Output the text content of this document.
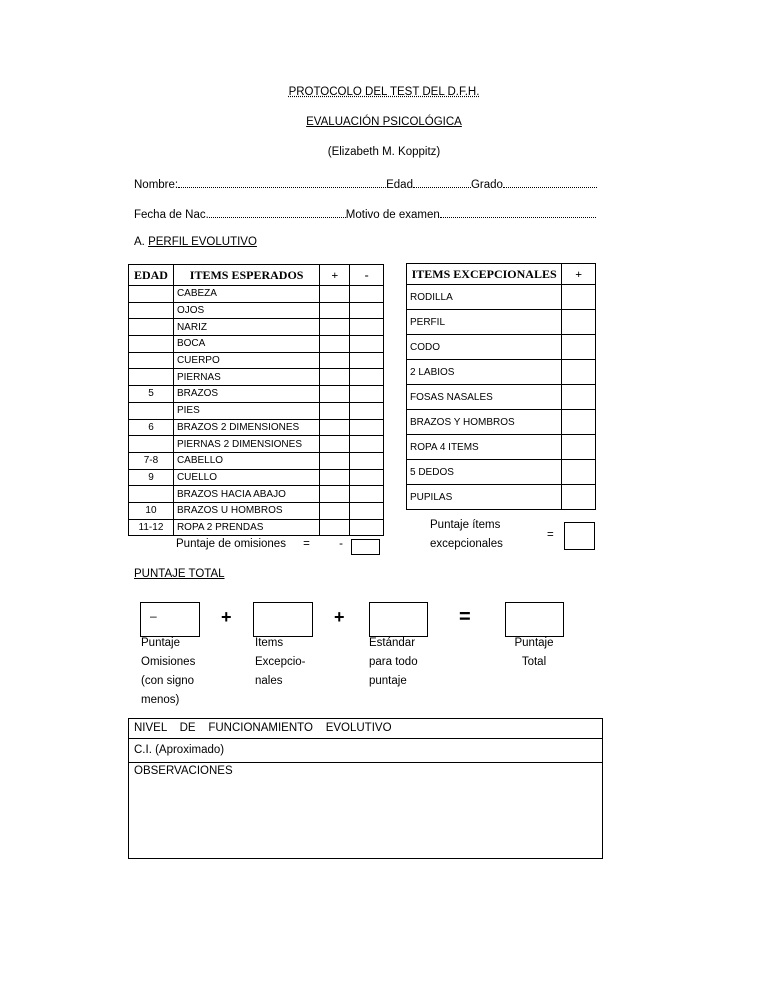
PROTOCOLO DEL TEST DEL D.F.H.
EVALUACIÓN PSICOLÓGICA
(Elizabeth M. Koppitz)
Nombre:	Edad	Grado
Fecha de Nac.	Motivo de examen
A. PERFIL EVOLUTIVO
EDAD	ITEMS ESPERADOS	+	-
	CABEZA		
	OJOS		
	NARIZ		
	BOCA		
	CUERPO		
	PIERNAS		
5	BRAZOS		
	PIES		
6	BRAZOS 2 DIMENSIONES		
	PIERNAS 2 DIMENSIONES		
7-8	CABELLO		
9	CUELLO		
	BRAZOS HACIA ABAJO		
10	BRAZOS U HOMBROS		
11-12	ROPA 2 PRENDAS		
Puntaje de omisiones =	-
ITEMS EXCEPCIONALES	+
RODILLA	
PERFIL	
CODO	
2 LABIOS	
FOSAS NASALES	
BRAZOS Y HOMBROS	
ROPA 4 ITEMS	
5 DEDOS	
PUPILAS	
Puntaje ítems
excepcionales
=
PUNTAJE TOTAL
–	+	+	=
Puntaje
Omisiones
(con signo
menos)
Items
Excepcio-
nales
Estándar
para todo
puntaje
Puntaje
Total
NIVEL    DE    FUNCIONAMIENTO    EVOLUTIVO
C.I. (Aproximado)
OBSERVACIONES
